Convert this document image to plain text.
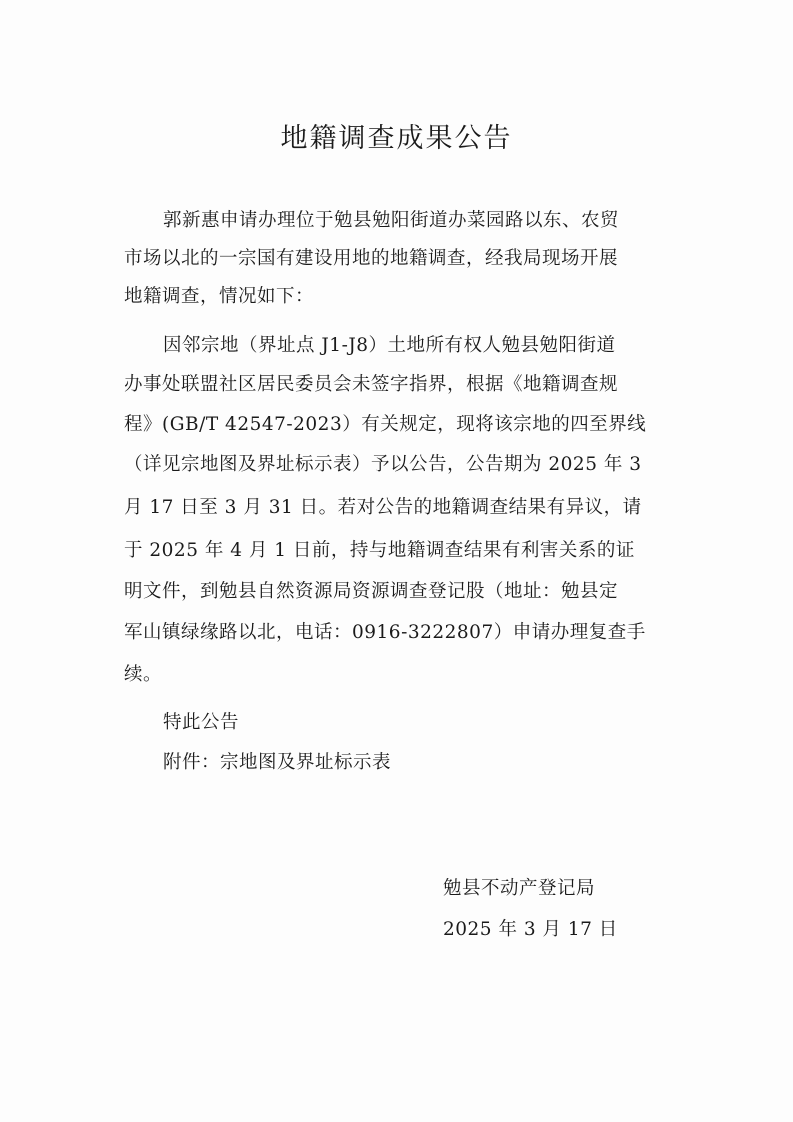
地籍调查成果公告

郭新惠申请办理位于勉县勉阳街道办菜园路以东、农贸

市场以北的一宗国有建设用地的地籍调查，经我局现场开展

地籍调查，情况如下：

因邻宗地（界址点 J1-J8）土地所有权人勉县勉阳街道

办事处联盟社区居民委员会未签字指界，根据《地籍调查规

程》(GB/T 42547-2023）有关规定，现将该宗地的四至界线

（详见宗地图及界址标示表）予以公告，公告期为 2025 年 3

月 17 日至 3 月 31 日。若对公告的地籍调查结果有异议，请

于 2025 年 4 月 1 日前，持与地籍调查结果有利害关系的证

明文件，到勉县自然资源局资源调查登记股（地址：勉县定

军山镇绿缘路以北，电话：0916-3222807）申请办理复查手

续。

特此公告

附件：宗地图及界址标示表

勉县不动产登记局
2025 年 3 月 17 日
